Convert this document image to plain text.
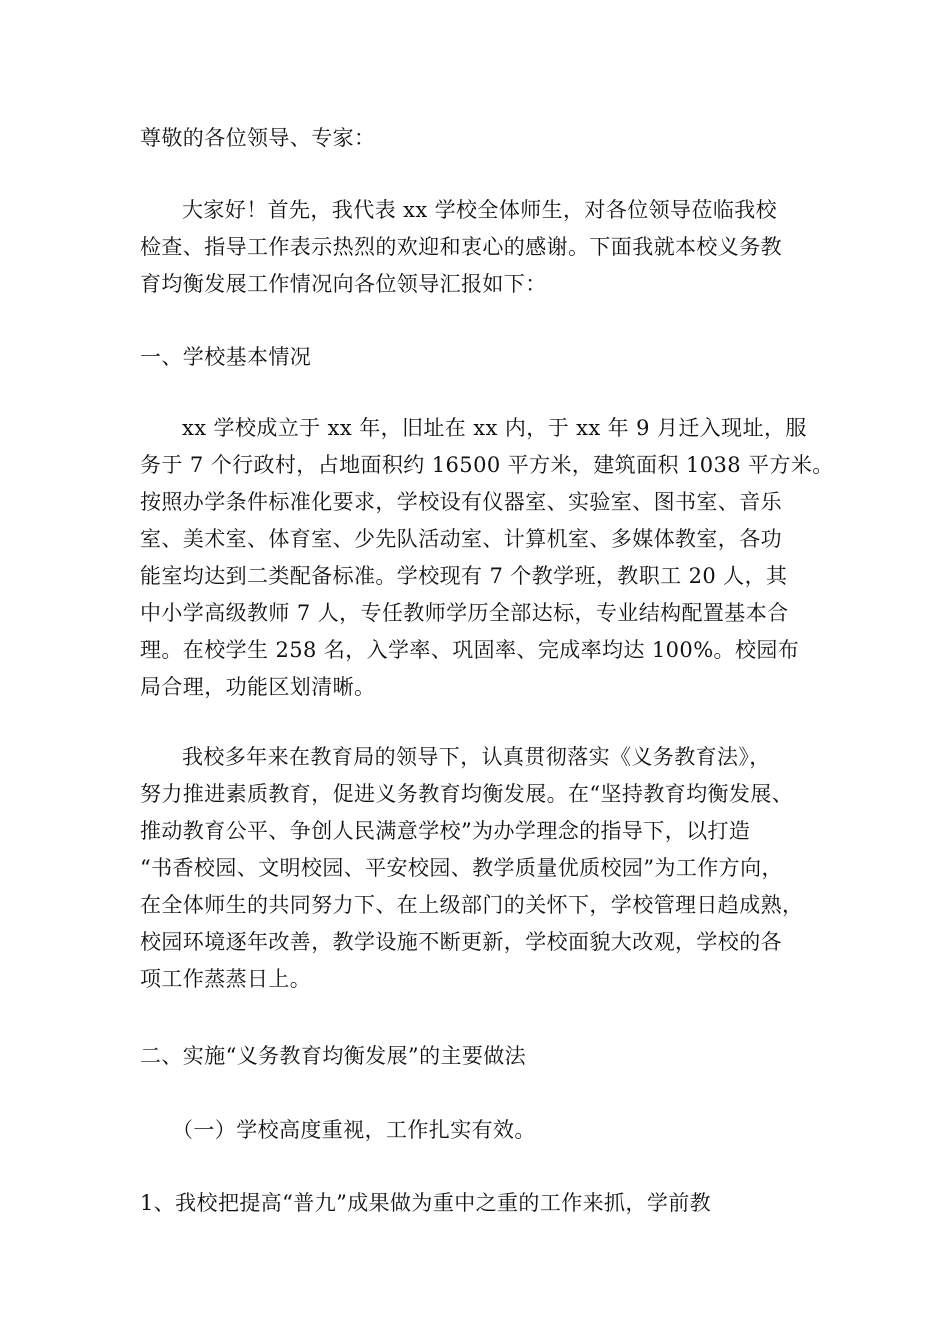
尊敬的各位领导、专家：
大家好！首先，我代表 xx 学校全体师生，对各位领导莅临我校
检查、指导工作表示热烈的欢迎和衷心的感谢。下面我就本校义务教
育均衡发展工作情况向各位领导汇报如下：
一、学校基本情况
xx 学校成立于 xx 年，旧址在 xx 内，于 xx 年 9 月迁入现址，服
务于 7 个行政村，占地面积约 16500 平方米，建筑面积 1038 平方米。
按照办学条件标准化要求，学校设有仪器室、实验室、图书室、音乐
室、美术室、体育室、少先队活动室、计算机室、多媒体教室，各功
能室均达到二类配备标准。学校现有 7 个教学班，教职工 20 人，其
中小学高级教师 7 人，专任教师学历全部达标，专业结构配置基本合
理。在校学生 258 名，入学率、巩固率、完成率均达 100%。校园布
局合理，功能区划清晰。
我校多年来在教育局的领导下，认真贯彻落实《义务教育法》，
努力推进素质教育，促进义务教育均衡发展。在“坚持教育均衡发展、
推动教育公平、争创人民满意学校”为办学理念的指导下，以打造
“书香校园、文明校园、平安校园、教学质量优质校园”为工作方向，
在全体师生的共同努力下、在上级部门的关怀下，学校管理日趋成熟，
校园环境逐年改善，教学设施不断更新，学校面貌大改观，学校的各
项工作蒸蒸日上。
二、实施“义务教育均衡发展”的主要做法
（一）学校高度重视，工作扎实有效。
1、我校把提高“普九”成果做为重中之重的工作来抓，学前教
